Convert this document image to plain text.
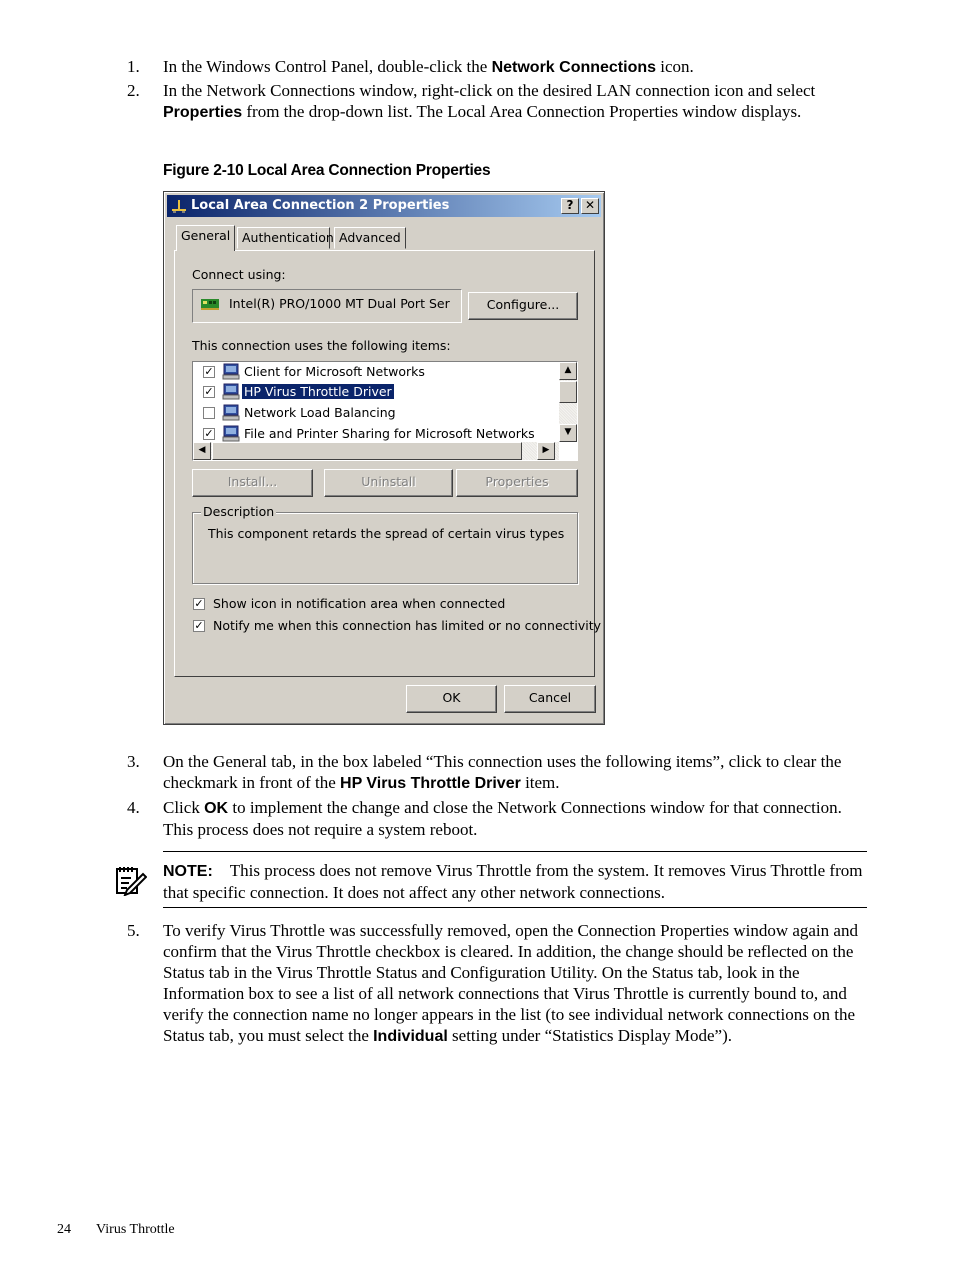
1.	In the Windows Control Panel, double-click the Network Connections icon.
2.	In the Network Connections window, right-click on the desired LAN connection icon and select Properties from the drop-down list. The Local Area Connection Properties window displays.
Figure 2-10 Local Area Connection Properties
Local Area Connection 2 Properties	? ✕
General Authentication Advanced
Connect using:
Intel(R) PRO/1000 MT Dual Port Ser	Configure...
This connection uses the following items:
✓ Client for Microsoft Networks
✓ HP Virus Throttle Driver
Network Load Balancing
✓ File and Printer Sharing for Microsoft Networks
▲
▼
◀	▶
Install...	Uninstall	Properties
Description
This component retards the spread of certain virus types
✓ Show icon in notification area when connected
✓ Notify me when this connection has limited or no connectivity
OK	Cancel
3.	On the General tab, in the box labeled “This connection uses the following items”, click to clear the checkmark in front of the HP Virus Throttle Driver item.
4.	Click OK to implement the change and close the Network Connections window for that connection. This process does not require a system reboot.
NOTE: This process does not remove Virus Throttle from the system. It removes Virus Throttle from that specific connection. It does not affect any other network connections.
5.	To verify Virus Throttle was successfully removed, open the Connection Properties window again and confirm that the Virus Throttle checkbox is cleared. In addition, the change should be reflected on the Status tab in the Virus Throttle Status and Configuration Utility. On the Status tab, look in the Information box to see a list of all network connections that Virus Throttle is currently bound to, and verify the connection name no longer appears in the list (to see individual network connections on the Status tab, you must select the Individual setting under “Statistics Display Mode”).
24 Virus Throttle
